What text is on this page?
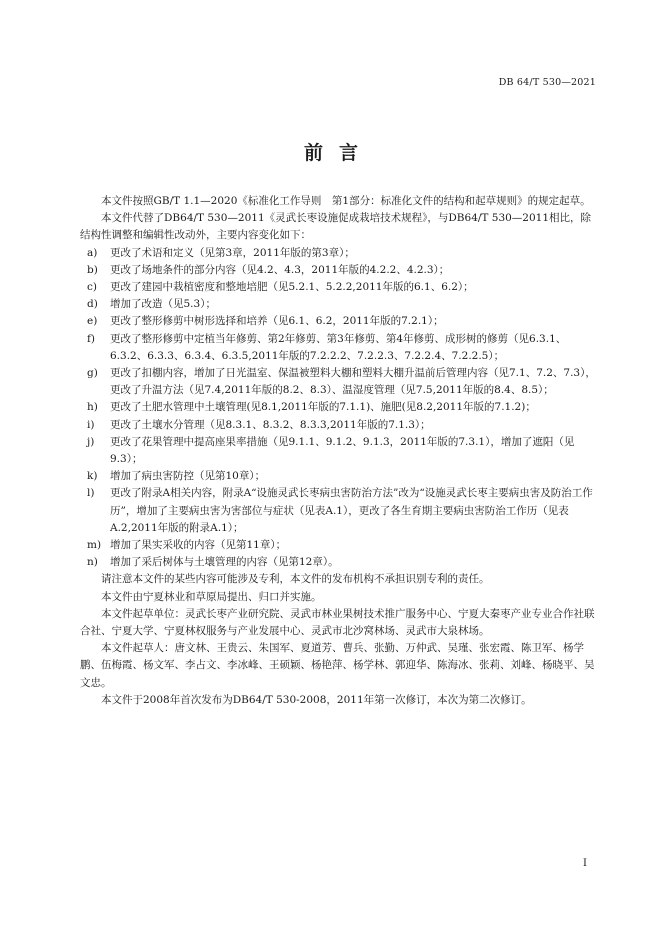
DB 64/T 530—2021
前言

本文件按照GB/T 1.1—2020《标准化工作导则　第1部分：标准化文件的结构和起草规则》的规定起草。

本文件代替了DB64/T 530—2011《灵武长枣设施促成栽培技术规程》，与DB64/T 530—2011相比，除结构性调整和编辑性改动外，主要内容变化如下：

a) 更改了术语和定义（见第3章，2011年版的第3章）；

b) 更改了场地条件的部分内容（见4.2、4.3，2011年版的4.2.2、4.2.3）；

c) 更改了建园中栽植密度和整地培肥（见5.2.1、5.2.2,2011年版的6.1、6.2）；

d) 增加了改造（见5.3）；

e) 更改了整形修剪中树形选择和培养（见6.1、6.2，2011年版的7.2.1）；

f) 更改了整形修剪中定植当年修剪、第2年修剪、第3年修剪、第4年修剪、成形树的修剪（见6.3.1、6.3.2、6.3.3、6.3.4、6.3.5,2011年版的7.2.2.2、7.2.2.3、7.2.2.4、7.2.2.5）；

g) 更改了扣棚内容，增加了日光温室、保温被塑料大棚和塑料大棚升温前后管理内容（见7.1、7.2、7.3），更改了升温方法（见7.4,2011年版的8.2、8.3）、温湿度管理（见7.5,2011年版的8.4、8.5）；

h) 更改了土肥水管理中土壤管理(见8.1,2011年版的7.1.1)、施肥(见8.2,2011年版的7.1.2)；

i) 更改了土壤水分管理（见8.3.1、8.3.2、8.3.3,2011年版的7.1.3）；

j) 更改了花果管理中提高座果率措施（见9.1.1、9.1.2、9.1.3，2011年版的7.3.1），增加了遮阳（见9.3）；

k) 增加了病虫害防控（见第10章）；

l) 更改了附录A相关内容，附录A“设施灵武长枣病虫害防治方法”改为“设施灵武长枣主要病虫害及防治工作历”，增加了主要病虫害为害部位与症状（见表A.1），更改了各生育期主要病虫害防治工作历（见表A.2,2011年版的附录A.1）；

m) 增加了果实采收的内容（见第11章）；

n) 增加了采后树体与土壤管理的内容（见第12章）。

请注意本文件的某些内容可能涉及专利，本文件的发布机构不承担识别专利的责任。

本文件由宁夏林业和草原局提出、归口并实施。

本文件起草单位：灵武长枣产业研究院、灵武市林业果树技术推广服务中心、宁夏大秦枣产业专业合作社联合社、宁夏大学、宁夏林权服务与产业发展中心、灵武市北沙窝林场、灵武市大泉林场。

本文件起草人：唐文林、王贵云、朱国军、夏道芳、曹兵、张勤、万仲武、吴瑾、张宏霞、陈卫军、杨学鹏、伍梅霞、杨文军、李占文、李冰峰、王硕颖、杨艳萍、杨学林、郭迎华、陈海冰、张莉、刘峰、杨晓平、吴文忠。

本文件于2008年首次发布为DB64/T 530-2008，2011年第一次修订，本次为第二次修订。

I
